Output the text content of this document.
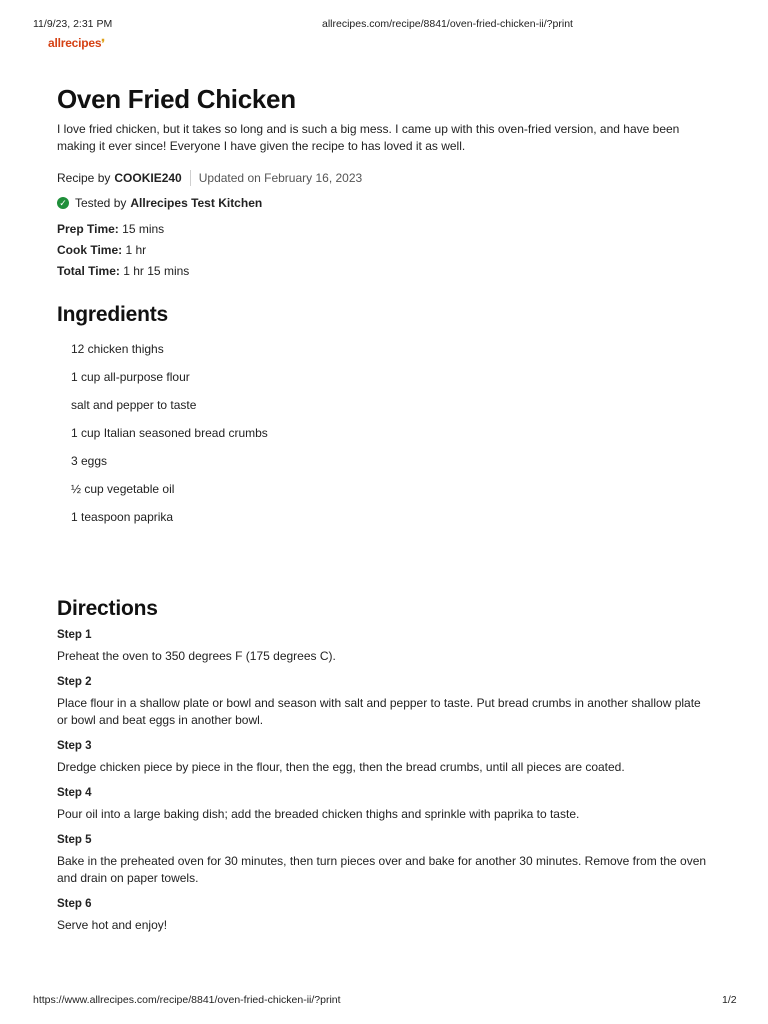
11/9/23, 2:31 PM	allrecipes.com/recipe/8841/oven-fried-chicken-ii/?print
allrecipes❜
Oven Fried Chicken

I love fried chicken, but it takes so long and is such a big mess. I came up with this oven-fried version, and have been making it ever since! Everyone I have given the recipe to has loved it as well.

Recipe by COOKIE240 Updated on February 16, 2023
✓ Tested by Allrecipes Test Kitchen
Prep Time: 15 mins
Cook Time: 1 hr
Total Time: 1 hr 15 mins
Ingredients
12 chicken thighs
1 cup all-purpose flour
salt and pepper to taste
1 cup Italian seasoned bread crumbs
3 eggs
½ cup vegetable oil
1 teaspoon paprika
Directions
Step 1
Preheat the oven to 350 degrees F (175 degrees C).
Step 2
Place flour in a shallow plate or bowl and season with salt and pepper to taste. Put bread crumbs in another shallow plate or bowl and beat eggs in another bowl.
Step 3
Dredge chicken piece by piece in the flour, then the egg, then the bread crumbs, until all pieces are coated.
Step 4
Pour oil into a large baking dish; add the breaded chicken thighs and sprinkle with paprika to taste.
Step 5
Bake in the preheated oven for 30 minutes, then turn pieces over and bake for another 30 minutes. Remove from the oven and drain on paper towels.
Step 6
Serve hot and enjoy!
https://www.allrecipes.com/recipe/8841/oven-fried-chicken-ii/?print	1/2
